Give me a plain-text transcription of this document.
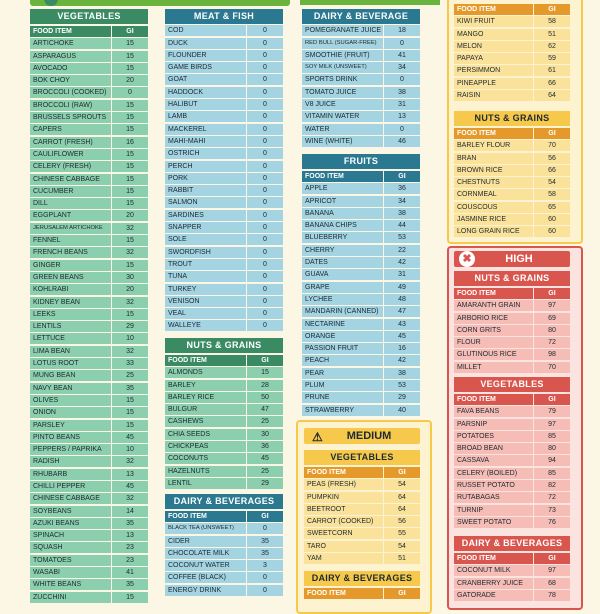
VEGETABLES
FOOD ITEM	GI
ARTICHOKE	15
ASPARAGUS	15
AVOCADO	15
BOK CHOY	20
BROCCOLI (COOKED)	0
BROCCOLI (RAW)	15
BRUSSELS SPROUTS	15
CAPERS	15
CARROT (FRESH)	16
CAULIFLOWER	15
CELERY (FRESH)	15
CHINESE CABBAGE	15
CUCUMBER	15
DILL	15
EGGPLANT	20
JERUSALEM ARTICHOKE	32
FENNEL	15
FRENCH BEANS	32
GINGER	15
GREEN BEANS	30
KOHLRABI	20
KIDNEY BEAN	32
LEEKS	15
LENTILS	29
LETTUCE	10
LIMA BEAN	32
LOTUS ROOT	33
MUNG BEAN	25
NAVY BEAN	35
OLIVES	15
ONION	15
PARSLEY	15
PINTO BEANS	45
PEPPERS / PAPRIKA	10
RADISH	32
RHUBARB	13
CHILLI PEPPER	45
CHINESE CABBAGE	32
SOYBEANS	14
AZUKI BEANS	35
SPINACH	13
SQUASH	23
TOMATOES	23
WASABI	41
WHITE BEANS	35
ZUCCHINI	15
MEAT & FISH
COD	0
DUCK	0
FLOUNDER	0
GAME BIRDS	0
GOAT	0
HADDOCK	0
HALIBUT	0
LAMB	0
MACKEREL	0
MAHI-MAHI	0
OSTRICH	0
PERCH	0
PORK	0
RABBIT	0
SALMON	0
SARDINES	0
SNAPPER	0
SOLE	0
SWORDFISH	0
TROUT	0
TUNA	0
TURKEY	0
VENISON	0
VEAL	0
WALLEYE	0
NUTS & GRAINS
FOOD ITEM	GI
ALMONDS	15
BARLEY	28
BARLEY RICE	50
BULGUR	47
CASHEWS	25
CHIA SEEDS	30
CHICKPEAS	36
COCONUTS	45
HAZELNUTS	25
LENTIL	29
DAIRY & BEVERAGES
FOOD ITEM	GI
BLACK TEA (UNSWEET)	0
CIDER	35
CHOCOLATE MILK	35
COCONUT WATER	3
COFFEE (BLACK)	0
ENERGY DRINK	0
DAIRY & BEVERAGE
POMEGRANATE JUICE	18
RED BULL (SUGAR-FREE)	0
SMOOTHIE (FRUIT)	41
SOY MILK (UNSWEET)	34
SPORTS DRINK	0
TOMATO JUICE	38
V8 JUICE	31
VITAMIN WATER	13
WATER	0
WINE (WHITE)	46
FRUITS
FOOD ITEM	GI
APPLE	36
APRICOT	34
BANANA	38
BANANA CHIPS	44
BLUEBERRY	53
CHERRY	22
DATES	42
GUAVA	31
GRAPE	49
LYCHEE	48
MANDARIN (CANNED)	47
NECTARINE	43
ORANGE	45
PASSION FRUIT	16
PEACH	42
PEAR	38
PLUM	53
PRUNE	29
STRAWBERRY	40
⚠ MEDIUM
VEGETABLES
FOOD ITEM	GI
PEAS (FRESH)	54
PUMPKIN	64
BEETROOT	64
CARROT (COOKED)	56
SWEETCORN	55
TARO	54
YAM	51
DAIRY & BEVERAGES
FOOD ITEM	GI
FOOD ITEM	GI
KIWI FRUIT	58
MANGO	51
MELON	62
PAPAYA	59
PERSIMMON	61
PINEAPPLE	66
RAISIN	64
NUTS & GRAINS
FOOD ITEM	GI
BARLEY FLOUR	70
BRAN	56
BROWN RICE	66
CHESTNUTS	54
CORNMEAL	58
COUSCOUS	65
JASMINE RICE	60
LONG GRAIN RICE	60
✖	HIGH
NUTS & GRAINS
FOOD ITEM	GI
AMARANTH GRAIN	97
ARBORIO RICE	69
CORN GRITS	80
FLOUR	72
GLUTINOUS RICE	98
MILLET	70
VEGETABLES
FOOD ITEM	GI
FAVA BEANS	79
PARSNIP	97
POTATOES	85
BROAD BEAN	80
CASSAVA	94
CELERY (BOILED)	85
RUSSET POTATO	82
RUTABAGAS	72
TURNIP	73
SWEET POTATO	76
DAIRY & BEVERAGES
FOOD ITEM	GI
COCONUT MILK	97
CRANBERRY JUICE	68
GATORADE	78
